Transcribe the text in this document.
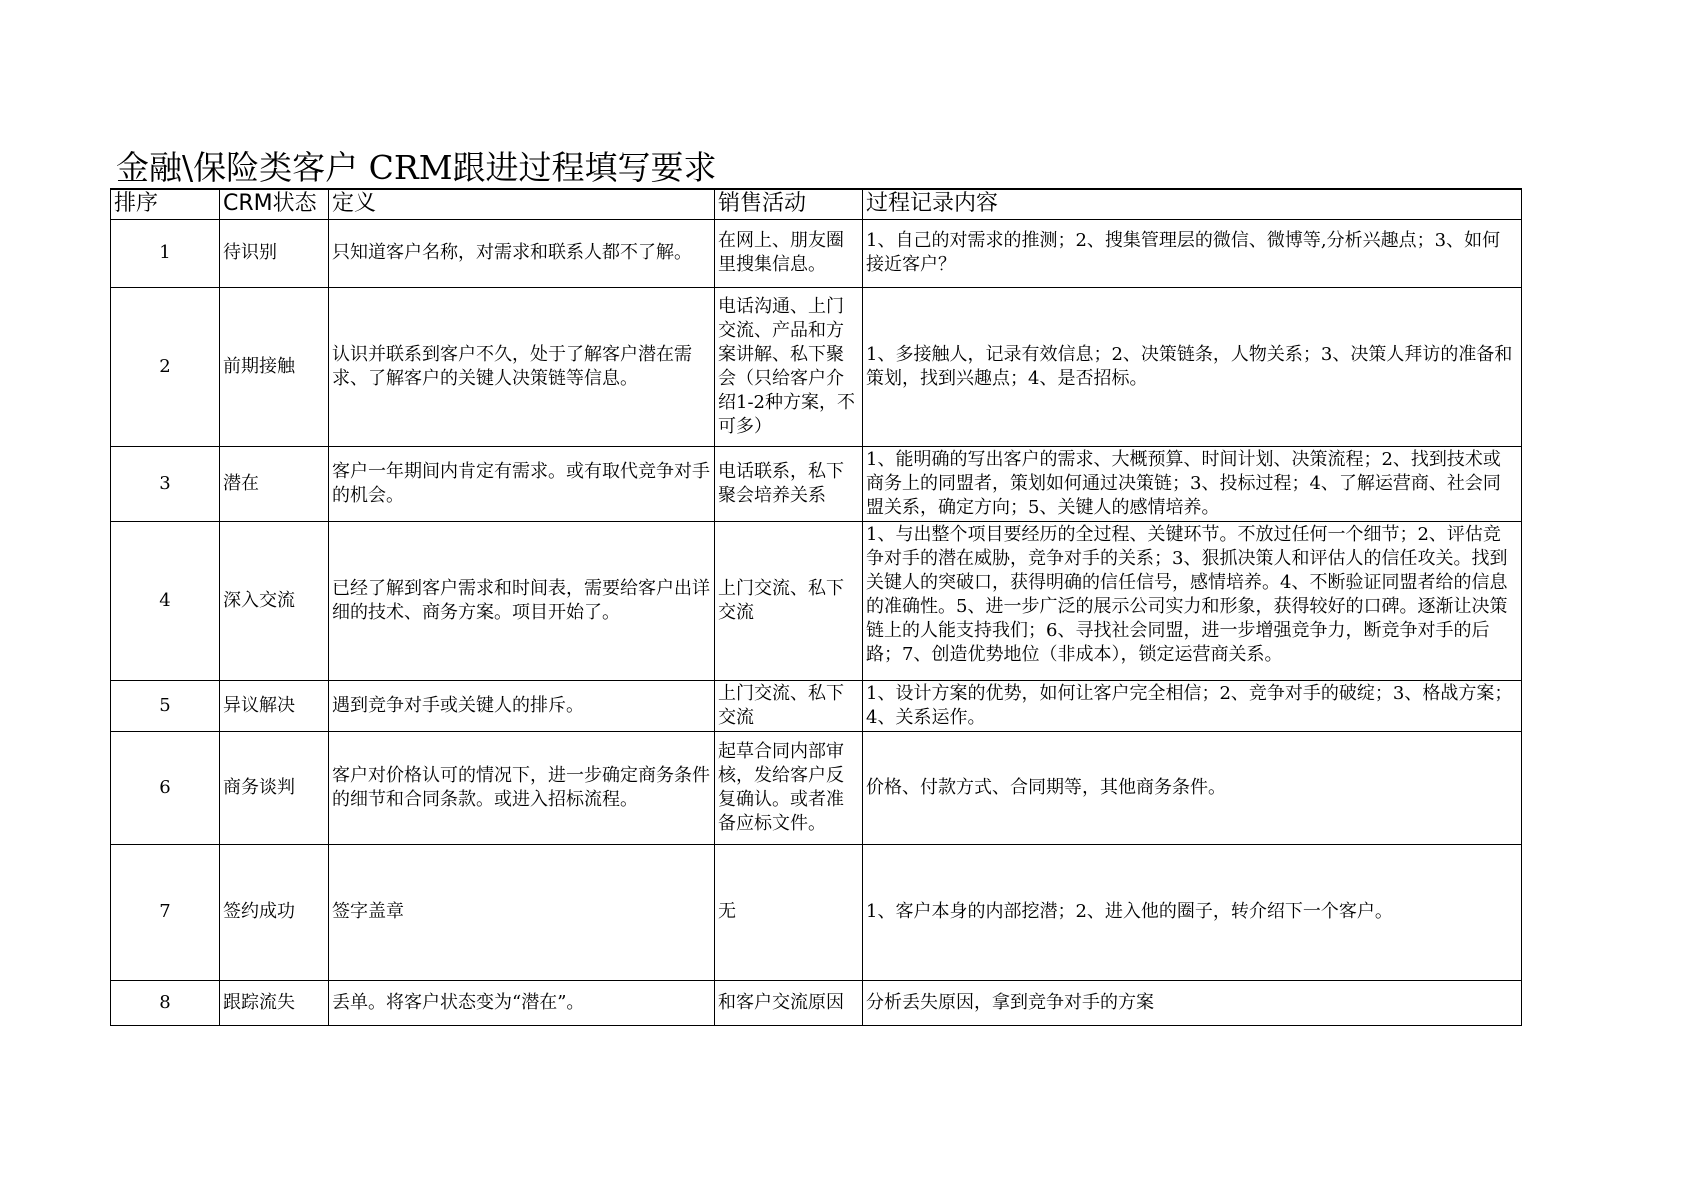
金融\保险类客户 CRM跟进过程填写要求
排序	CRM状态	定义	销售活动	过程记录内容
1	待识别	只知道客户名称，对需求和联系人都不了解。	在网上、朋友圈里搜集信息。	1、自己的对需求的推测；2、搜集管理层的微信、微博等,分析兴趣点；3、如何接近客户？
2	前期接触	认识并联系到客户不久，处于了解客户潜在需求、了解客户的关键人决策链等信息。	电话沟通、上门交流、产品和方案讲解、私下聚会（只给客户介绍1-2种方案，不可多）	1、多接触人，记录有效信息；2、决策链条，人物关系；3、决策人拜访的准备和策划，找到兴趣点；4、是否招标。
3	潜在	客户一年期间内肯定有需求。或有取代竞争对手的机会。	电话联系，私下聚会培养关系	1、能明确的写出客户的需求、大概预算、时间计划、决策流程；2、找到技术或商务上的同盟者，策划如何通过决策链；3、投标过程；4、了解运营商、社会同盟关系，确定方向；5、关键人的感情培养。
4	深入交流	已经了解到客户需求和时间表，需要给客户出详细的技术、商务方案。项目开始了。	上门交流、私下交流	1、与出整个项目要经历的全过程、关键环节。不放过任何一个细节；2、评估竞争对手的潜在威胁，竞争对手的关系；3、狠抓决策人和评估人的信任攻关。找到关键人的突破口，获得明确的信任信号，感情培养。4、不断验证同盟者给的信息的准确性。5、进一步广泛的展示公司实力和形象，获得较好的口碑。逐渐让决策链上的人能支持我们；6、寻找社会同盟，进一步增强竞争力，断竞争对手的后路；7、创造优势地位（非成本），锁定运营商关系。
5	异议解决	遇到竞争对手或关键人的排斥。	上门交流、私下交流	1、设计方案的优势，如何让客户完全相信；2、竞争对手的破绽；3、格战方案；4、关系运作。
6	商务谈判	客户对价格认可的情况下，进一步确定商务条件的细节和合同条款。或进入招标流程。	起草合同内部审核，发给客户反复确认。或者准备应标文件。	价格、付款方式、合同期等，其他商务条件。
7	签约成功	签字盖章	无	1、客户本身的内部挖潜；2、进入他的圈子，转介绍下一个客户。
8	跟踪流失	丢单。将客户状态变为“潜在”。	和客户交流原因	分析丢失原因，拿到竞争对手的方案
